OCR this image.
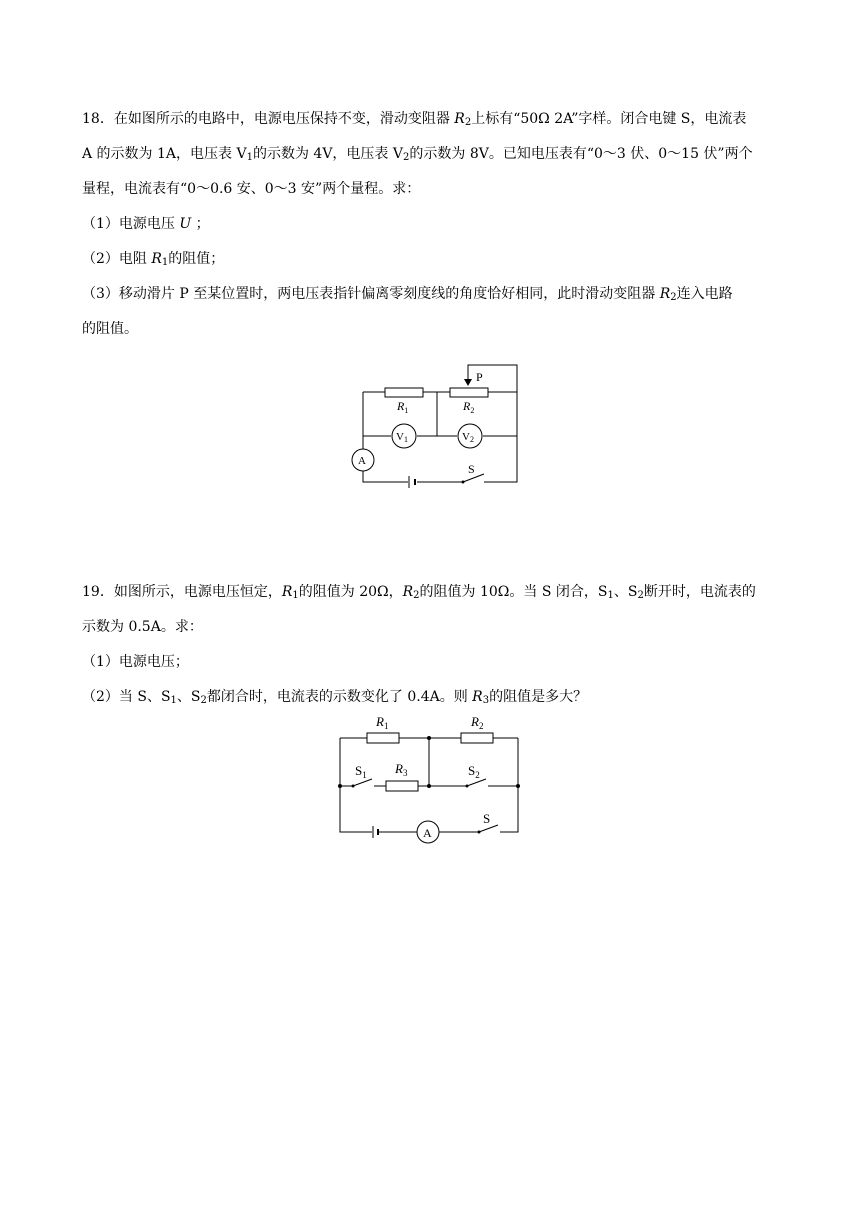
18．在如图所示的电路中，电源电压保持不变，滑动变阻器 $R_2$上标有“50Ω 2A”字样。闭合电键 S，电流表
A 的示数为 1A，电压表 $V_1$的示数为 4V，电压表 $V_2$的示数为 8V。已知电压表有“0～3 伏、0～15 伏”两个
量程，电流表有“0～0.6 安、0～3 安”两个量程。求：
（1）电源电压 U ；
（2）电阻 $R_1$的阻值；
（3）移动滑片 P 至某位置时，两电压表指针偏离零刻度线的角度恰好相同，此时滑动变阻器 $R_2$连入电路
的阻值。
$R_1$	$R_2$
P
V1	V2
A
S
19．如图所示，电源电压恒定，$R_1$的阻值为 20Ω，$R_2$的阻值为 10Ω。当 S 闭合，$S_1$、$S_2$断开时，电流表的
示数为 0.5A。求：
（1）电源电压；
（2）当 S、$S_1$、$S_2$都闭合时，电流表的示数变化了 0.4A。则 $R_3$的阻值是多大？
$R_1$	$R_2$
$R_3$
$S_1$	$S_2$
S
A
